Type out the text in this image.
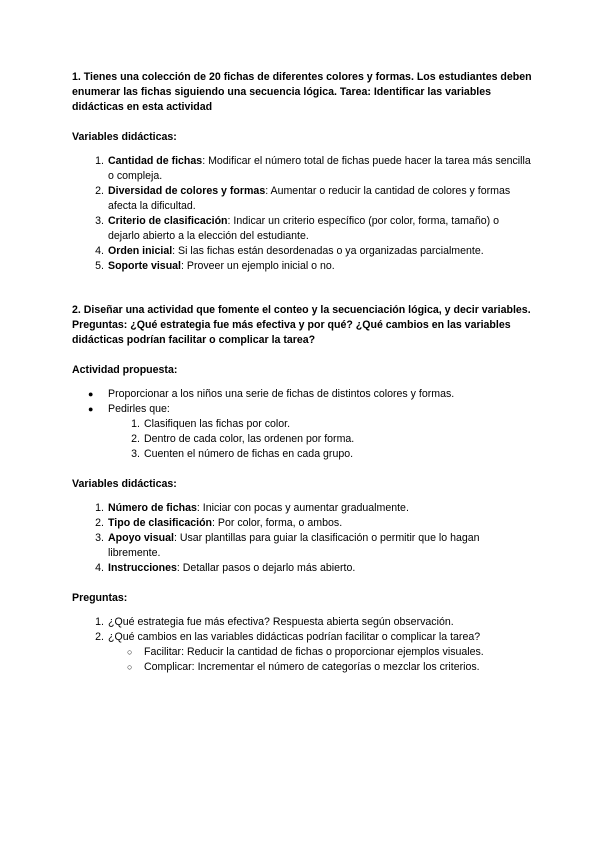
1. Tienes una colección de 20 fichas de diferentes colores y formas. Los estudiantes deben enumerar las fichas siguiendo una secuencia lógica. Tarea: Identificar las variables didácticas en esta actividad

Variables didácticas:

1. Cantidad de fichas: Modificar el número total de fichas puede hacer la tarea más sencilla o compleja.
2. Diversidad de colores y formas: Aumentar o reducir la cantidad de colores y formas afecta la dificultad.
3. Criterio de clasificación: Indicar un criterio específico (por color, forma, tamaño) o dejarlo abierto a la elección del estudiante.
4. Orden inicial: Si las fichas están desordenadas o ya organizadas parcialmente.
5. Soporte visual: Proveer un ejemplo inicial o no.

2. Diseñar una actividad que fomente el conteo y la secuenciación lógica, y decir variables. Preguntas: ¿Qué estrategia fue más efectiva y por qué? ¿Qué cambios en las variables didácticas podrían facilitar o complicar la tarea?

Actividad propuesta:

●	Proporcionar a los niños una serie de fichas de distintos colores y formas.
●	Pedirles que:
1. Clasifiquen las fichas por color.
2. Dentro de cada color, las ordenen por forma.
3. Cuenten el número de fichas en cada grupo.

Variables didácticas:

1. Número de fichas: Iniciar con pocas y aumentar gradualmente.
2. Tipo de clasificación: Por color, forma, o ambos.
3. Apoyo visual: Usar plantillas para guiar la clasificación o permitir que lo hagan libremente.
4. Instrucciones: Detallar pasos o dejarlo más abierto.

Preguntas:

1. ¿Qué estrategia fue más efectiva? Respuesta abierta según observación.
2. ¿Qué cambios en las variables didácticas podrían facilitar o complicar la tarea?
○ Facilitar: Reducir la cantidad de fichas o proporcionar ejemplos visuales.
○ Complicar: Incrementar el número de categorías o mezclar los criterios.
